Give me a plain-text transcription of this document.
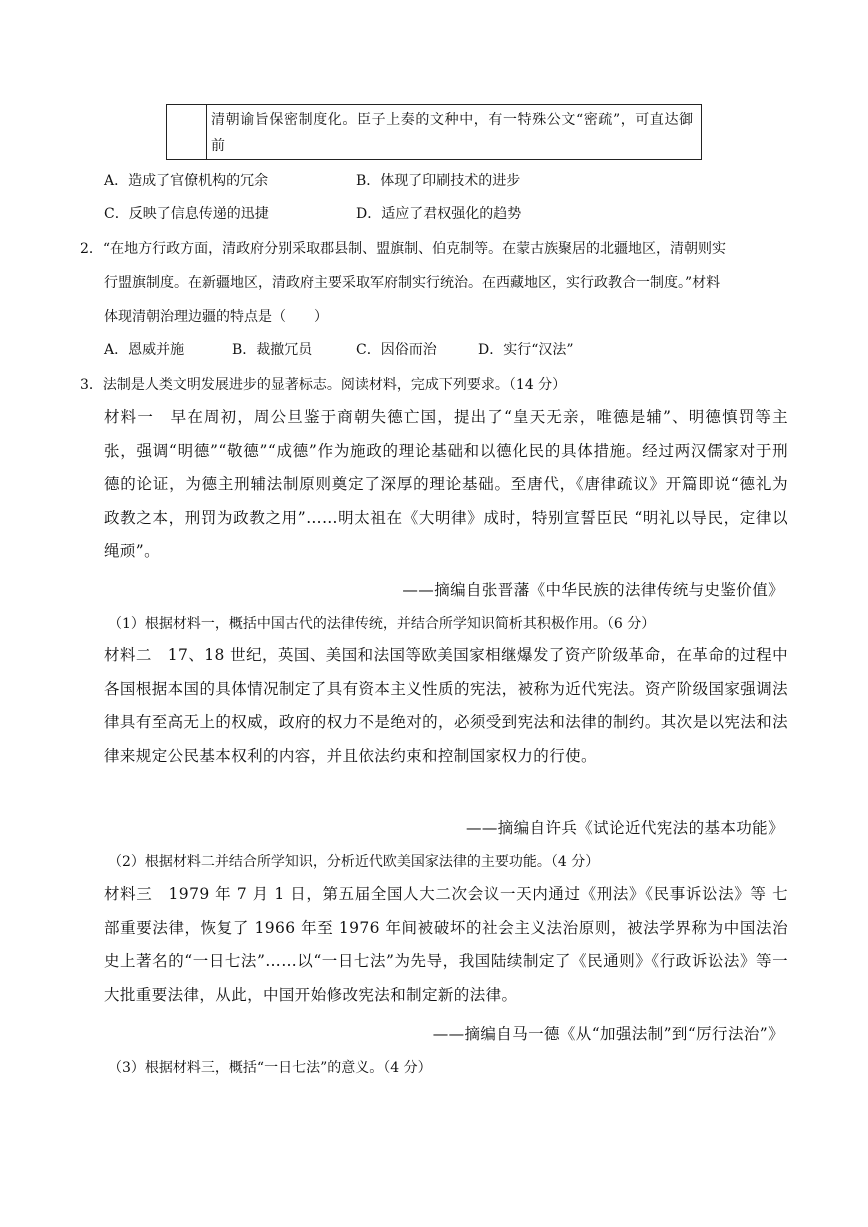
清朝谕旨保密制度化。臣子上奏的文种中，有一特殊公文“密疏”，可直达御前
A．造成了官僚机构的冗余	B．体现了印刷技术的进步
C．反映了信息传递的迅捷	D．适应了君权强化的趋势
2．“在地方行政方面，清政府分别采取郡县制、盟旗制、伯克制等。在蒙古族聚居的北疆地区，清朝则实
行盟旗制度。在新疆地区，清政府主要采取军府制实行统治。在西藏地区，实行政教合一制度。”材料
体现清朝治理边疆的特点是（　　）
A．恩威并施	B．裁撤冗员	C．因俗而治	D．实行“汉法”
3．法制是人类文明发展进步的显著标志。阅读材料，完成下列要求。（14 分）
材料一　早在周初，周公旦鉴于商朝失德亡国，提出了“皇天无亲，唯德是辅”、明德慎罚等主张，强调“明德”“敬德”“成德”作为施政的理论基础和以德化民的具体措施。经过两汉儒家对于刑德的论证，为德主刑辅法制原则奠定了深厚的理论基础。至唐代，《唐律疏议》开篇即说“德礼为政教之本，刑罚为政教之用”……明太祖在《大明律》成时，特别宣誓臣民 “明礼以导民，定律以绳顽”。
——摘编自张晋藩《中华民族的法律传统与史鉴价值》
（1）根据材料一，概括中国古代的法律传统，并结合所学知识简析其积极作用。（6 分）
材料二　17、18 世纪，英国、美国和法国等欧美国家相继爆发了资产阶级革命，在革命的过程中各国根据本国的具体情况制定了具有资本主义性质的宪法，被称为近代宪法。资产阶级国家强调法律具有至高无上的权威，政府的权力不是绝对的，必须受到宪法和法律的制约。其次是以宪法和法律来规定公民基本权利的内容，并且依法约束和控制国家权力的行使。
——摘编自许兵《试论近代宪法的基本功能》
（2）根据材料二并结合所学知识，分析近代欧美国家法律的主要功能。（4 分）
材料三　1979 年 7 月 1 日，第五届全国人大二次会议一天内通过《刑法》《民事诉讼法》等 七部重要法律，恢复了 1966 年至 1976 年间被破坏的社会主义法治原则，被法学界称为中国法治史上著名的“一日七法”……以“一日七法”为先导，我国陆续制定了《民通则》《行政诉讼法》等一大批重要法律，从此，中国开始修改宪法和制定新的法律。
——摘编自马一德《从“加强法制”到“厉行法治”》
（3）根据材料三，概括“一日七法”的意义。（4 分）
